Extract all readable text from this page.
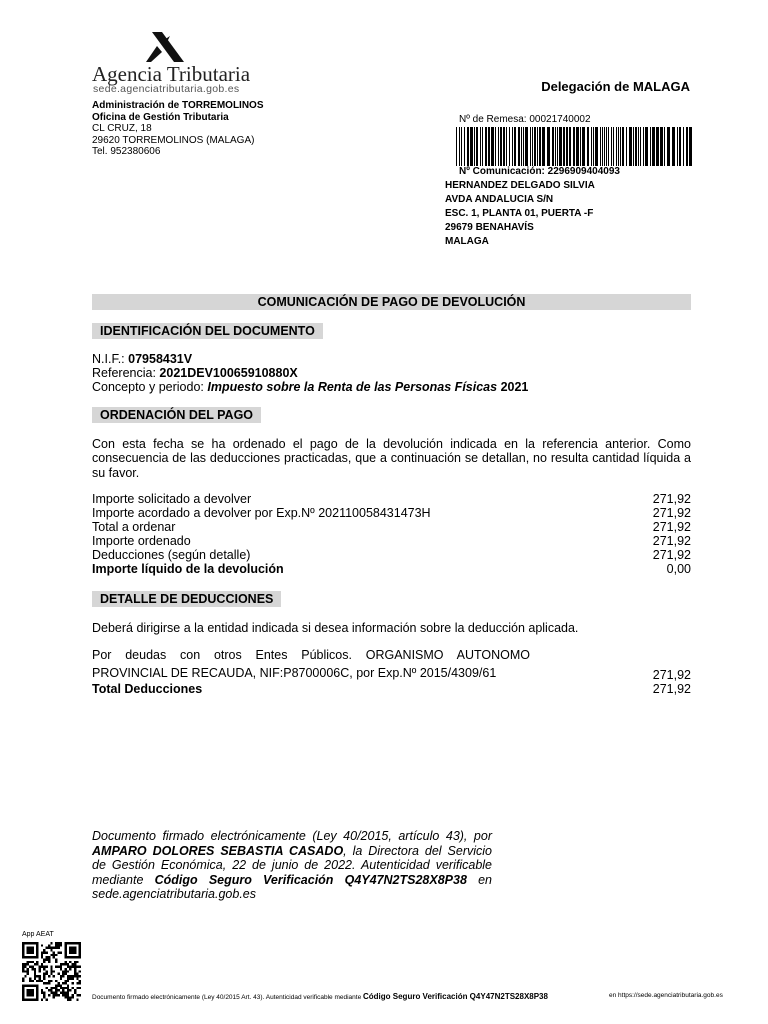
Agencia Tributaria
sede.agenciatributaria.gob.es	Delegación de MALAGA
Administración de TORREMOLINOS
Oficina de Gestión Tributaria
CL CRUZ, 18
29620 TORREMOLINOS (MALAGA)
Tel. 952380606
Nº de Remesa: 00021740002
Nº Comunicación: 2296909404093
HERNANDEZ DELGADO SILVIA
AVDA ANDALUCIA S/N
ESC. 1, PLANTA 01, PUERTA -F
29679 BENAHAVÍS
MALAGA
COMUNICACIÓN DE PAGO DE DEVOLUCIÓN
IDENTIFICACIÓN DEL DOCUMENTO
N.I.F.: 07958431V
Referencia: 2021DEV10065910880X
Concepto y periodo: Impuesto sobre la Renta de las Personas Físicas 2021
ORDENACIÓN DEL PAGO
Con esta fecha se ha ordenado el pago de la devolución indicada en la referencia anterior. Como consecuencia de las deducciones practicadas, que a continuación se detallan, no resulta cantidad líquida a su favor.
Importe solicitado a devolver	271,92
Importe acordado a devolver por Exp.Nº 202110058431473H	271,92
Total a ordenar	271,92
Importe ordenado	271,92
Deducciones (según detalle)	271,92
Importe líquido de la devolución	0,00
DETALLE DE DEDUCCIONES
Deberá dirigirse a la entidad indicada si desea información sobre la deducción aplicada.
Por deudas con otros Entes Públicos. ORGANISMO AUTONOMO PROVINCIAL DE RECAUDA, NIF:P8700006C, por Exp.Nº 2015/4309/61	271,92
Total Deducciones	271,92
Documento firmado electrónicamente (Ley 40/2015, artículo 43), por AMPARO DOLORES SEBASTIA CASADO, la Directora del Servicio de Gestión Económica, 22 de junio de 2022. Autenticidad verificable mediante Código Seguro Verificación Q4Y47N2TS28X8P38 en sede.agenciatributaria.gob.es
App AEAT
Documento firmado electrónicamente (Ley 40/2015 Art. 43). Autenticidad verificable mediante Código Seguro Verificación Q4Y47N2TS28X8P38	en https://sede.agenciatributaria.gob.es
